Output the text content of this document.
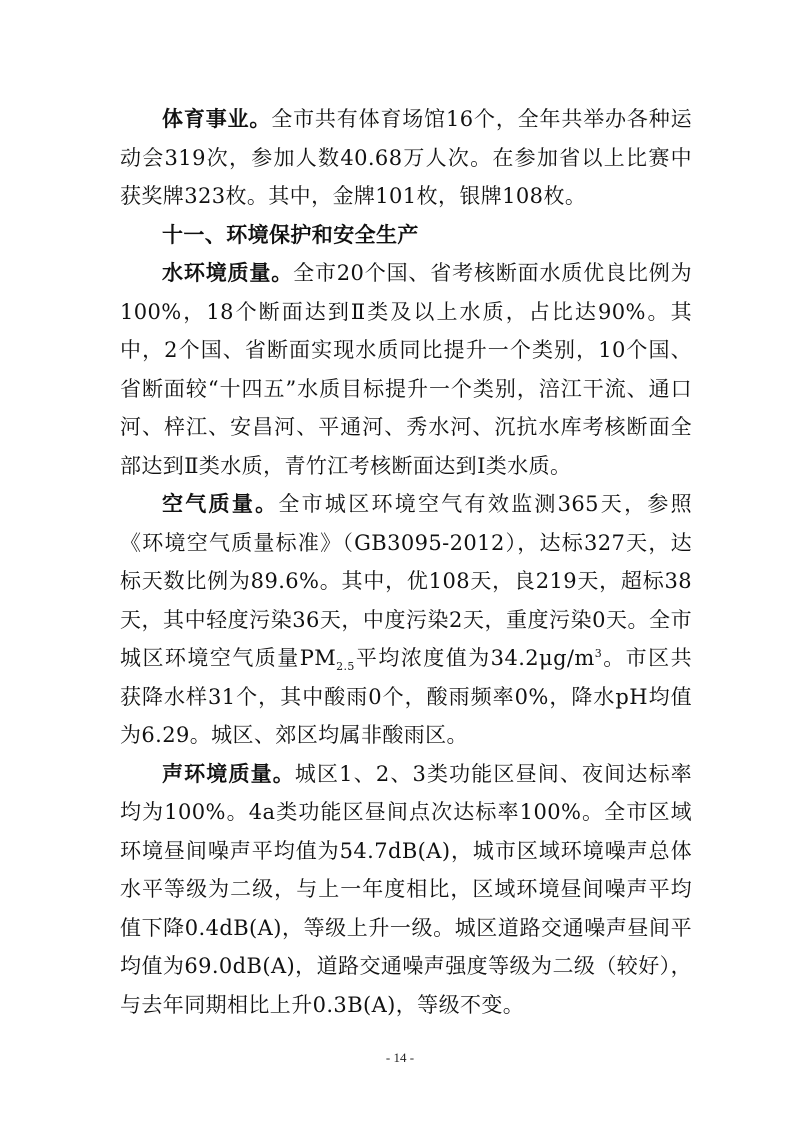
体育事业。全市共有体育场馆16个，全年共举办各种运动会319次，参加人数40.68万人次。在参加省以上比赛中获奖牌323枚。其中，金牌101枚，银牌108枚。

十一、环境保护和安全生产

水环境质量。全市20个国、省考核断面水质优良比例为100%，18个断面达到Ⅱ类及以上水质，占比达90%。其中，2个国、省断面实现水质同比提升一个类别，10个国、省断面较“十四五”水质目标提升一个类别，涪江干流、通口河、梓江、安昌河、平通河、秀水河、沉抗水库考核断面全部达到Ⅱ类水质，青竹江考核断面达到Ⅰ类水质。

空气质量。全市城区环境空气有效监测365天，参照《环境空气质量标准》（GB3095-2012），达标327天，达标天数比例为89.6%。其中，优108天，良219天，超标38天，其中轻度污染36天，中度污染2天，重度污染0天。全市城区环境空气质量$PM_{2.5}$平均浓度值为$34.2\mu g/m^3$。市区共获降水样31个，其中酸雨0个，酸雨频率0%，降水pH均值为6.29。城区、郊区均属非酸雨区。

声环境质量。城区1、2、3类功能区昼间、夜间达标率均为100%。4a类功能区昼间点次达标率100%。全市区域环境昼间噪声平均值为54.7dB(A)，城市区域环境噪声总体水平等级为二级，与上一年度相比，区域环境昼间噪声平均值下降0.4dB(A)，等级上升一级。城区道路交通噪声昼间平均值为69.0dB(A)，道路交通噪声强度等级为二级（较好），与去年同期相比上升0.3B(A)，等级不变。

- 14 -
